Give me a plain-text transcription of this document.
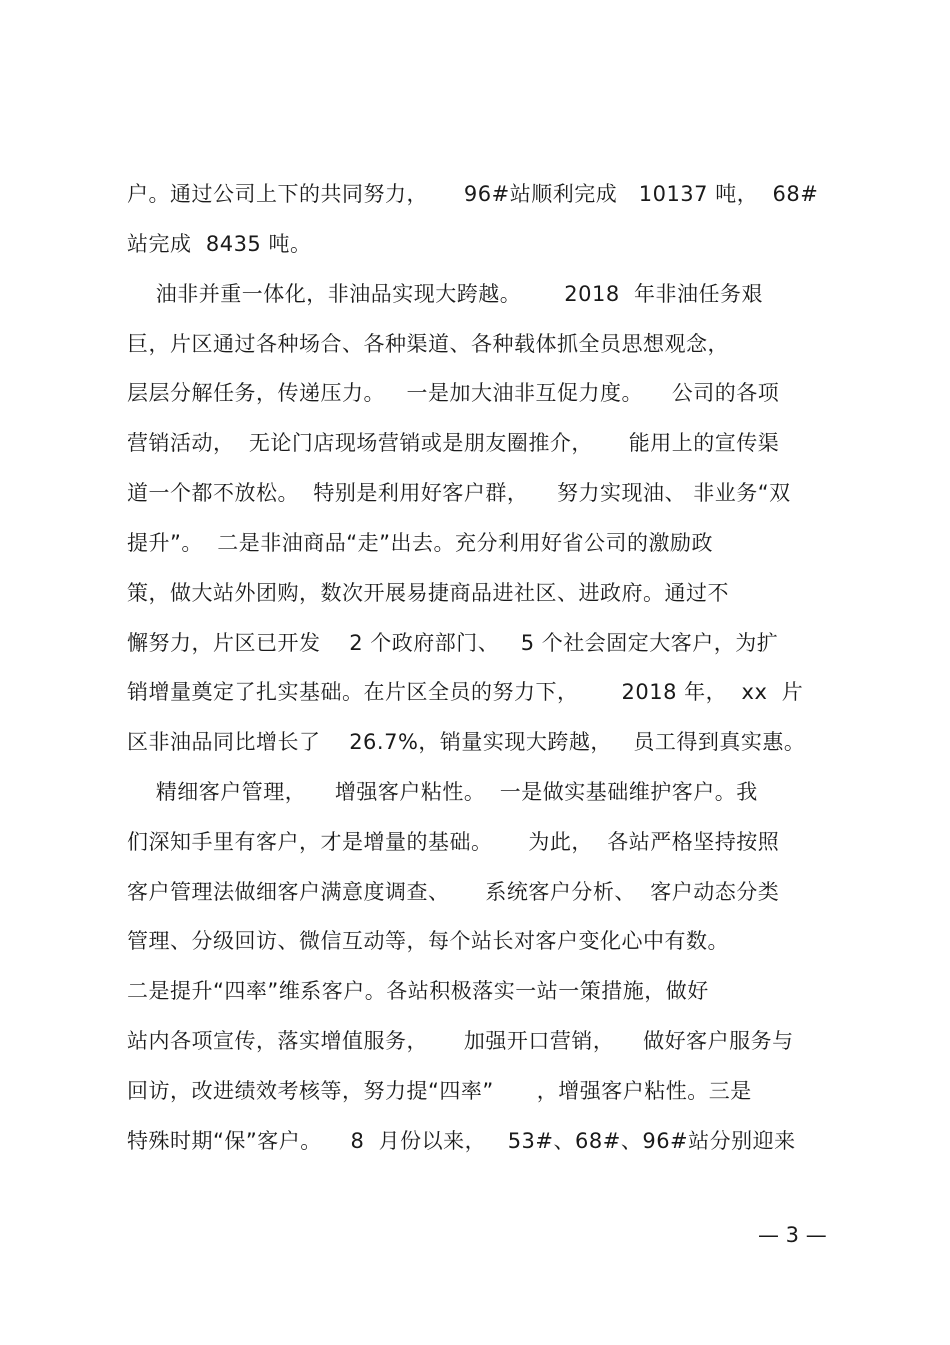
户。通过公司上下的共同努力，     96#站顺利完成   10137 吨，  68#
站完成  8435 吨。
油非并重一体化，非油品实现大跨越。      2018  年非油任务艰
巨，片区通过各种场合、各种渠道、各种载体抓全员思想观念，
层层分解任务，传递压力。   一是加大油非互促力度。    公司的各项
营销活动，  无论门店现场营销或是朋友圈推介，     能用上的宣传渠
道一个都不放松。  特别是利用好客户群，    努力实现油、 非业务“双
提升”。  二是非油商品“走”出去。充分利用好省公司的激励政
策，做大站外团购，数次开展易捷商品进社区、进政府。通过不
懈努力，片区已开发    2 个政府部门、   5 个社会固定大客户，为扩
销增量奠定了扎实基础。在片区全员的努力下，      2018 年，  xx  片
区非油品同比增长了    26.7%，销量实现大跨越，   员工得到真实惠。
精细客户管理，    增强客户粘性。  一是做实基础维护客户。我
们深知手里有客户，才是增量的基础。     为此，  各站严格坚持按照
客户管理法做细客户满意度调查、     系统客户分析、  客户动态分类
管理、分级回访、微信互动等，每个站长对客户变化心中有数。
二是提升“四率”维系客户。各站积极落实一站一策措施，做好
站内各项宣传，落实增值服务，     加强开口营销，    做好客户服务与
回访，改进绩效考核等，努力提“四率”      ，增强客户粘性。三是
特殊时期“保”客户。    8  月份以来，   53#、68#、96#站分别迎来
— 3 —
